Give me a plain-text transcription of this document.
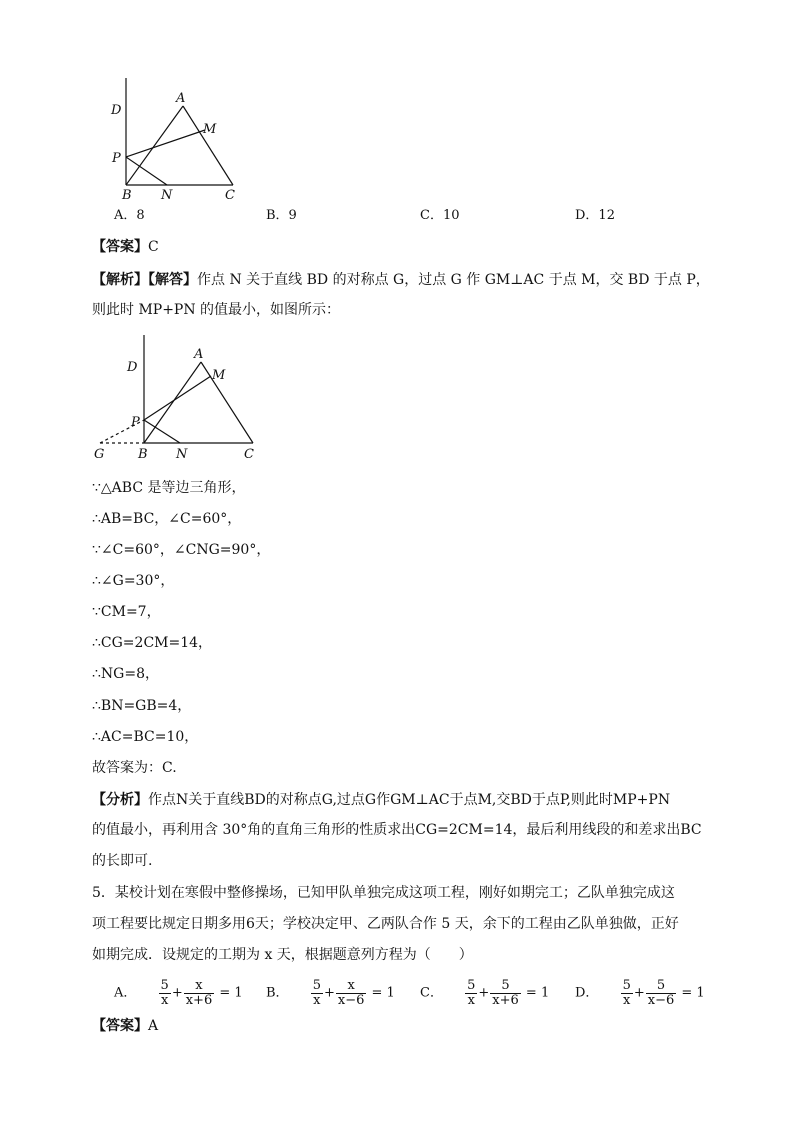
A
M
D
P
B N	C
A．8	B．9	C．10	D．12
【答案】C
【解析】【解答】作点 N 关于直线 BD 的对称点 G，过点 G 作 GM⊥AC 于点 M，交 BD 于点 P，
则此时 MP+PN 的值最小，如图所示：
A
M
D
P
G	B N	C
∵△ABC 是等边三角形，
∴AB=BC，∠C=60°，
∵∠C=60°，∠CNG=90°，
∴∠G=30°，
∵CM=7，
∴CG=2CM=14，
∴NG=8，
∴BN=GB=4，
∴AC=BC=10，
故答案为：C.
【分析】作点N关于直线BD的对称点G,过点G作GM⊥AC于点M,交BD于点P,则此时MP+PN
的值最小，再利用含 30°角的直角三角形的性质求出CG=2CM=14，最后利用线段的和差求出BC
的长即可.
5．某校计划在寒假中整修操场，已知甲队单独完成这项工程，刚好如期完工；乙队单独完成这
项工程要比规定日期多用6天；学校决定甲、乙两队合作 5 天，余下的工程由乙队单独做，正好
如期完成．设规定的工期为 x 天，根据题意列方程为（　　）
A． $\frac{5}{x} + \frac{x}{x+6} = 1$ B． $\frac{5}{x} + \frac{x}{x-6} = 1$ C． $\frac{5}{x} + \frac{5}{x+6} = 1$ D． $\frac{5}{x} + \frac{5}{x-6} = 1$
【答案】A
